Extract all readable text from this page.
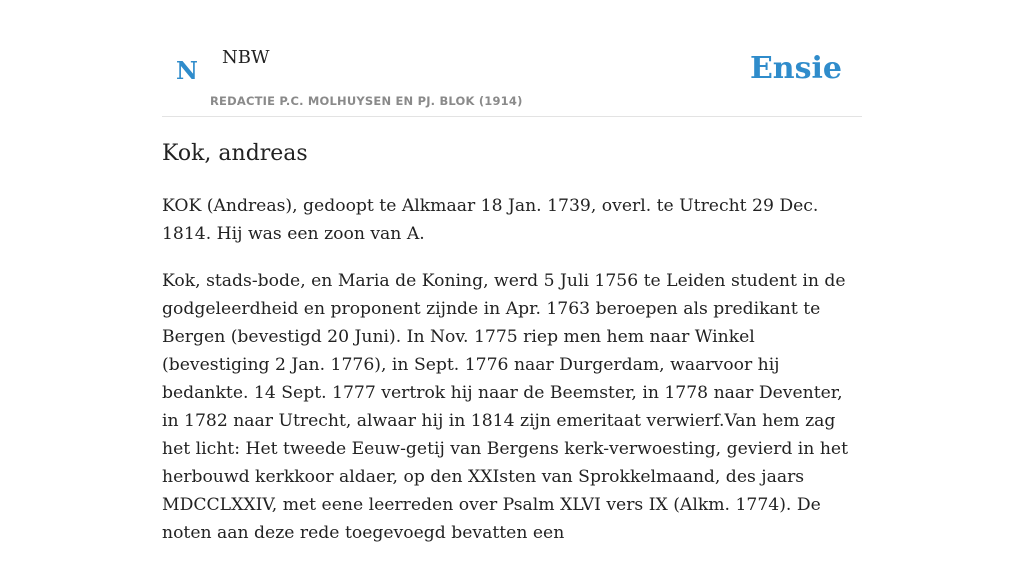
N NBW
REDACTIE P.C. MOLHUYSEN EN PJ. BLOK (1914)
Ensie
Kok, andreas

KOK (Andreas), gedoopt te Alkmaar 18 Jan. 1739, overl. te Utrecht 29 Dec. 1814. Hij was een zoon van A.

Kok, stads-bode, en Maria de Koning, werd 5 Juli 1756 te Leiden student in de godgeleerdheid en proponent zijnde in Apr. 1763 beroepen als predikant te Bergen (bevestigd 20 Juni). In Nov. 1775 riep men hem naar Winkel (bevestiging 2 Jan. 1776), in Sept. 1776 naar Durgerdam, waarvoor hij bedankte. 14 Sept. 1777 vertrok hij naar de Beemster, in 1778 naar Deventer, in 1782 naar Utrecht, alwaar hij in 1814 zijn emeritaat verwierf.Van hem zag het licht: Het tweede Eeuw-getij van Bergens kerk-verwoesting, gevierd in het herbouwd kerkkoor aldaer, op den XXIsten van Sprokkelmaand, des jaars MDCCLXXIV, met eene leerreden over Psalm XLVI vers IX (Alkm. 1774). De noten aan deze rede toegevoegd bevatten een
